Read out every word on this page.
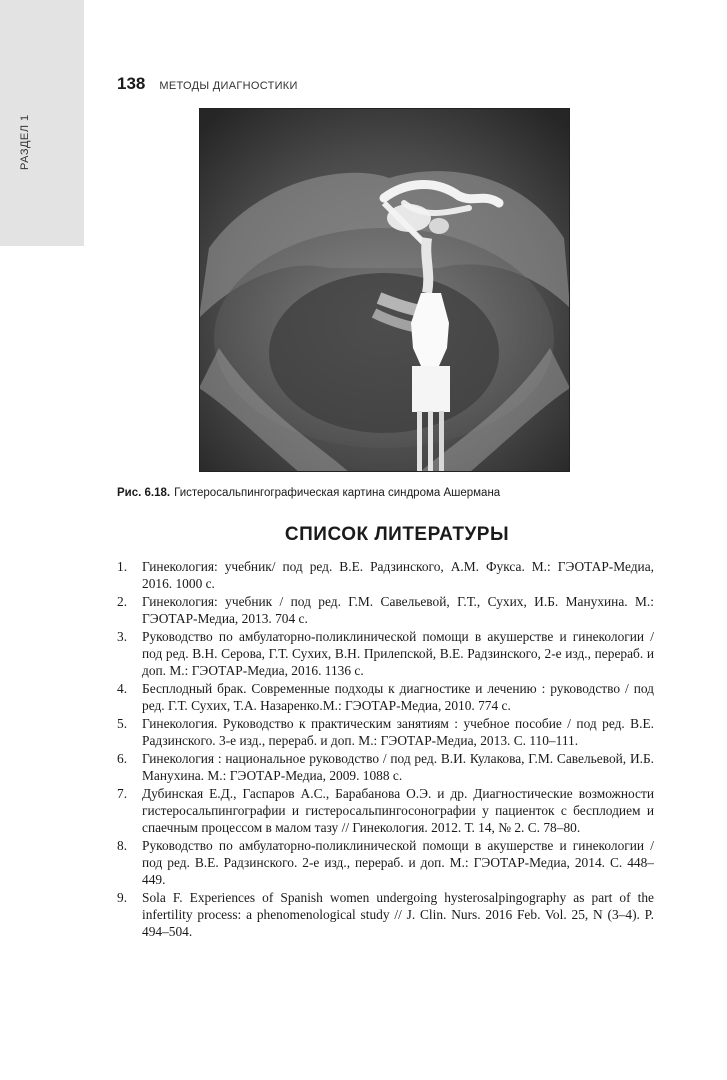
РАЗДЕЛ 1
138 МЕТОДЫ ДИАГНОСТИКИ
Рис. 6.18. Гистеросальпингографическая картина синдрома Ашермана
СПИСОК ЛИТЕРАТУРЫ
1.	Гинекология: учебник/ под ред. В.Е. Радзинского, А.М. Фукса. М.: ГЭОТАР-Медиа, 2016. 1000 с.
2.	Гинекология: учебник / под ред. Г.М. Савельевой, Г.Т., Сухих, И.Б. Манухина. М.: ГЭОТАР-Медиа, 2013. 704 с.
3.	Руководство по амбулаторно-поликлинической помощи в акушерстве и гинекологии / под ред. В.Н. Серова, Г.Т. Сухих, В.Н. Прилепской, В.Е. Радзинского, 2-е изд., перераб. и доп. М.: ГЭОТАР-Медиа, 2016. 1136 с.
4.	Бесплодный брак. Современные подходы к диагностике и лечению : руководство / под ред. Г.Т. Сухих, Т.А. Назаренко.М.: ГЭОТАР-Медиа, 2010. 774 с.
5.	Гинекология. Руководство к практическим занятиям : учебное пособие / под ред. В.Е. Радзинского. 3-е изд., перераб. и доп. М.: ГЭОТАР-Медиа, 2013. С. 110–111.
6.	Гинекология : национальное руководство / под ред. В.И. Кулакова, Г.М. Савельевой, И.Б. Манухина. М.: ГЭОТАР-Медиа, 2009. 1088 с.
7.	Дубинская Е.Д., Гаспаров А.С., Барабанова О.Э. и др. Диагностические возможности гистеросальпингографии и гистеросальпингосонографии у пациенток с бесплодием и спаечным процессом в малом тазу // Гинекология. 2012. Т. 14, № 2. С. 78–80.
8.	Руководство по амбулаторно-поликлинической помощи в акушерстве и гинекологии / под ред. В.Е. Радзинского. 2-е изд., перераб. и доп. М.: ГЭОТАР-Медиа, 2014. С. 448–449.
9.	Sola F. Experiences of Spanish women undergoing hysterosalpingography as part of the infertility process: a phenomenological study // J. Clin. Nurs. 2016 Feb. Vol. 25, N (3–4). P. 494–504.
